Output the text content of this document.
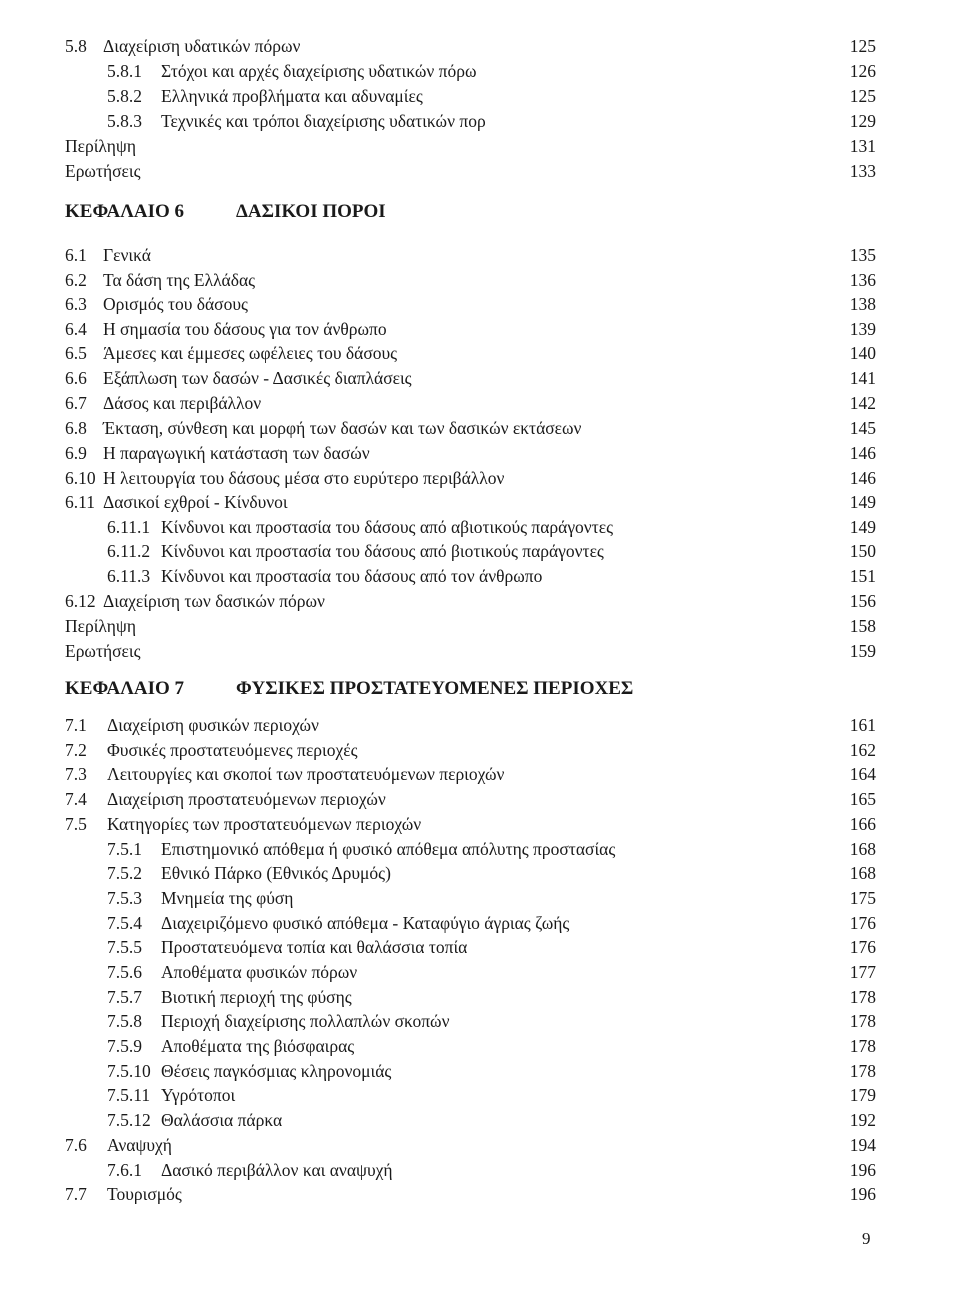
5.8 Διαχείριση υδατικών πόρων	125
5.8.1 Στόχοι και αρχές διαχείρισης υδατικών πόρω	126
5.8.2 Ελληνικά προβλήματα και αδυναμίες	125
5.8.3 Τεχνικές και τρόποι διαχείρισης υδατικών πορ	129
Περίληψη	131
Ερωτήσεις	133
ΚΕΦΑΛΑΙΟ 6	ΔΑΣΙΚΟΙ ΠΟΡΟΙ
6.1 Γενικά	135
6.2 Τα δάση της Ελλάδας	136
6.3 Ορισμός του δάσους	138
6.4 Η σημασία του δάσους για τον άνθρωπο	139
6.5 Άμεσες και έμμεσες ωφέλειες του δάσους	140
6.6 Εξάπλωση των δασών - Δασικές διαπλάσεις	141
6.7 Δάσος και περιβάλλον	142
6.8 Έκταση, σύνθεση και μορφή των δασών και των δασικών εκτάσεων	145
6.9 Η παραγωγική κατάσταση των δασών	146
6.10 Η λειτουργία του δάσους μέσα στο ευρύτερο περιβάλλον	146
6.11 Δασικοί εχθροί - Κίνδυνοι	149
6.11.1 Κίνδυνοι και προστασία του δάσους από αβιοτικούς παράγοντες	149
6.11.2 Κίνδυνοι και προστασία του δάσους από βιοτικούς παράγοντες	150
6.11.3 Κίνδυνοι και προστασία του δάσους από τον άνθρωπο	151
6.12 Διαχείριση των δασικών πόρων	156
Περίληψη	158
Ερωτήσεις	159
ΚΕΦΑΛΑΙΟ 7	ΦΥΣΙΚΕΣ ΠΡΟΣΤΑΤΕΥΟΜΕΝΕΣ ΠΕΡΙΟΧΕΣ
7.1 Διαχείριση φυσικών περιοχών	161
7.2 Φυσικές προστατευόμενες περιοχές	162
7.3 Λειτουργίες και σκοποί των προστατευόμενων περιοχών	164
7.4 Διαχείριση προστατευόμενων περιοχών	165
7.5 Κατηγορίες των προστατευόμενων περιοχών	166
7.5.1 Επιστημονικό απόθεμα ή φυσικό απόθεμα απόλυτης προστασίας	168
7.5.2 Εθνικό Πάρκο (Εθνικός Δρυμός)	168
7.5.3 Μνημεία της φύση	175
7.5.4 Διαχειριζόμενο φυσικό απόθεμα - Καταφύγιο άγριας ζωής	176
7.5.5 Προστατευόμενα τοπία και θαλάσσια τοπία	176
7.5.6 Αποθέματα φυσικών πόρων	177
7.5.7 Βιοτική περιοχή της φύσης	178
7.5.8 Περιοχή διαχείρισης πολλαπλών σκοπών	178
7.5.9 Αποθέματα της βιόσφαιρας	178
7.5.10 Θέσεις παγκόσμιας κληρονομιάς	178
7.5.11 Υγρότοποι	179
7.5.12 Θαλάσσια πάρκα	192
7.6 Αναψυχή	194
7.6.1 Δασικό περιβάλλον και αναψυχή	196
7.7 Τουρισμός	196
9
